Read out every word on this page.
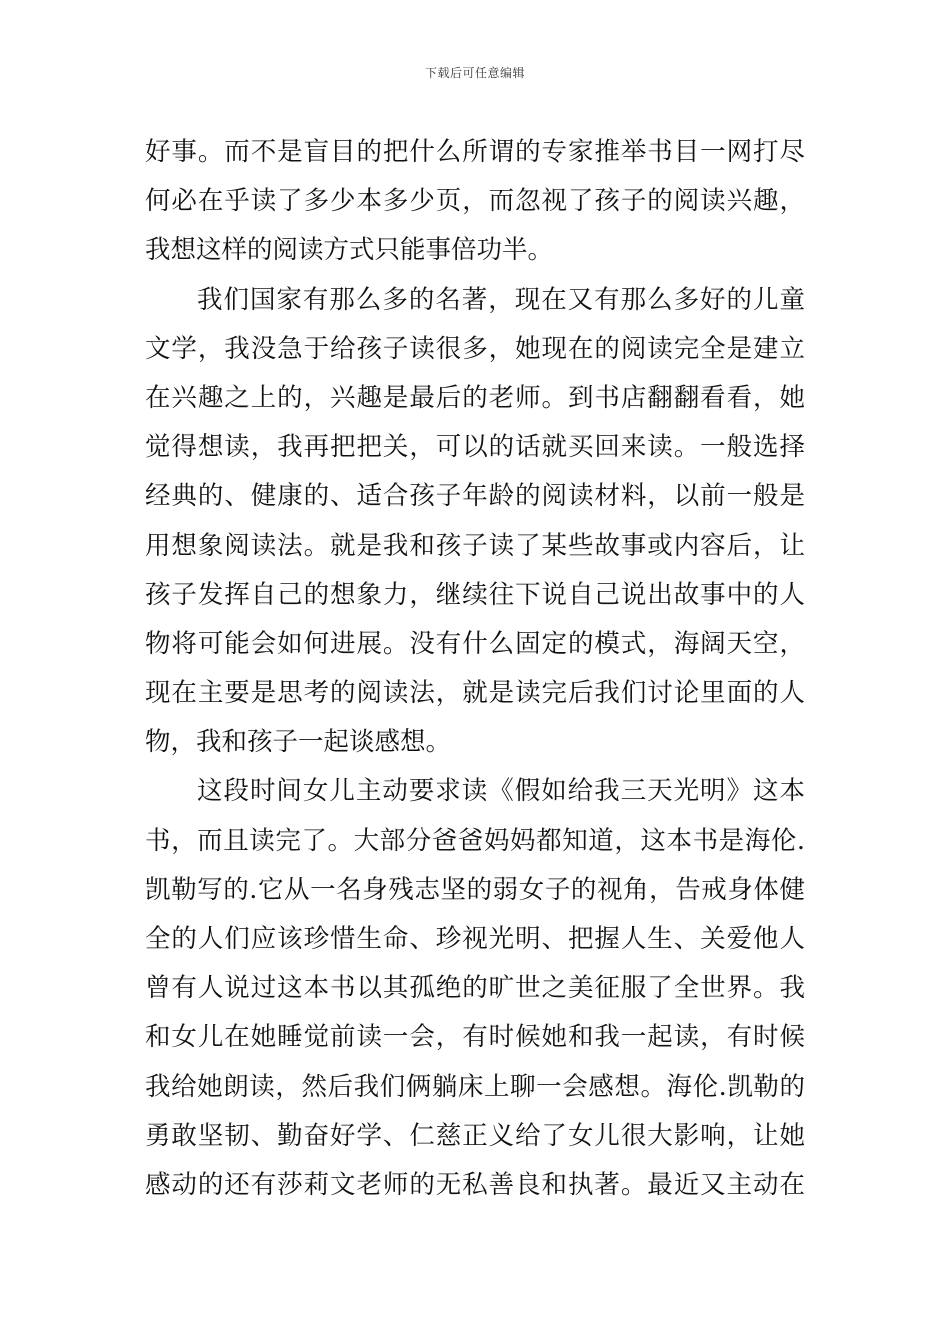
下载后可任意编辑
好事。而不是盲目的把什么所谓的专家推举书目一网打尽
何必在乎读了多少本多少页，而忽视了孩子的阅读兴趣，
我想这样的阅读方式只能事倍功半。
我们国家有那么多的名著，现在又有那么多好的儿童
文学，我没急于给孩子读很多，她现在的阅读完全是建立
在兴趣之上的，兴趣是最后的老师。到书店翻翻看看，她
觉得想读，我再把把关，可以的话就买回来读。一般选择
经典的、健康的、适合孩子年龄的阅读材料，以前一般是
用想象阅读法。就是我和孩子读了某些故事或内容后，让
孩子发挥自己的想象力，继续往下说自己说出故事中的人
物将可能会如何进展。没有什么固定的模式，海阔天空，
现在主要是思考的阅读法，就是读完后我们讨论里面的人
物，我和孩子一起谈感想。
这段时间女儿主动要求读《假如给我三天光明》这本
书，而且读完了。大部分爸爸妈妈都知道，这本书是海伦.
凯勒写的.它从一名身残志坚的弱女子的视角，告戒身体健
全的人们应该珍惜生命、珍视光明、把握人生、关爱他人
曾有人说过这本书以其孤绝的旷世之美征服了全世界。我
和女儿在她睡觉前读一会，有时候她和我一起读，有时候
我给她朗读，然后我们俩躺床上聊一会感想。海伦.凯勒的
勇敢坚韧、勤奋好学、仁慈正义给了女儿很大影响，让她
感动的还有莎莉文老师的无私善良和执著。最近又主动在
